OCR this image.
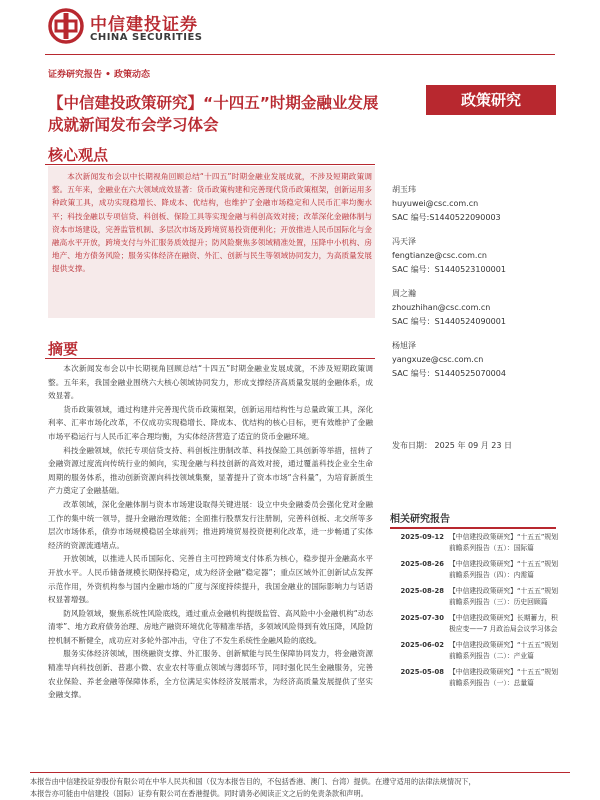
中信建投证券
CHINA SECURITIES
证券研究报告 • 政策动态
【中信建投政策研究】“十四五”时期金融业发展成就新闻发布会学习体会
政策研究
核心观点
本次新闻发布会以中长期视角回顾总结“十四五”时期金融业发展成就，不涉及短期政策调整。五年来，金融业在六大领域成效显著：货币政策构建和完善现代货币政策框架，创新运用多种政策工具，成功实现稳增长、降成本、优结构，也维护了金融市场稳定和人民币汇率均衡水平；科技金融以专项信贷、科创板、保险工具等实现金融与科创高效对接；改革深化金融体制与资本市场建设，完善监管机制、多层次市场及跨境贸易投资便利化；开放推进人民币国际化与金融高水平开放，跨境支付与外汇服务质效提升；防风险聚焦多领域精准处置，压降中小机构、房地产、地方债务风险；服务实体经济在融资、外汇、创新与民生等领域协同发力，为高质量发展提供支撑。
摘要

本次新闻发布会以中长期视角回顾总结“十四五”时期金融业发展成就，不涉及短期政策调整。五年来，我国金融业围绕六大核心领域协同发力，形成支撑经济高质量发展的金融体系，成效显著。

货币政策领域，通过构建并完善现代货币政策框架，创新运用结构性与总量政策工具，深化利率、汇率市场化改革，不仅成功实现稳增长、降成本、优结构的核心目标，更有效维护了金融市场平稳运行与人民币汇率合理均衡，为实体经济营造了适宜的货币金融环境。

科技金融领域，依托专项信贷支持、科创板注册制改革、科技保险工具创新等举措，扭转了金融资源过度流向传统行业的倾向，实现金融与科技创新的高效对接，通过覆盖科技企业全生命周期的服务体系，推动创新资源向科技领域集聚，显著提升了资本市场“含科量”，为培育新质生产力奠定了金融基础。

改革领域，深化金融体制与资本市场建设取得关键进展：设立中央金融委员会强化党对金融工作的集中统一领导，提升金融治理效能；全面推行股票发行注册制，完善科创板、北交所等多层次市场体系，债券市场规模稳居全球前列；推进跨境贸易投资便利化改革，进一步畅通了实体经济的资源流通堵点。

开放领域，以推进人民币国际化、完善自主可控跨境支付体系为核心，稳步提升金融高水平开放水平。人民币储备规模长期保持稳定，成为经济金融“稳定器”；重点区域外汇创新试点发挥示范作用，外资机构参与国内金融市场的广度与深度持续提升，我国金融业的国际影响力与话语权显著增强。

防风险领域，聚焦系统性风险底线，通过重点金融机构提级监管、高风险中小金融机构“动态清零”、地方政府债务治理、房地产融资环境优化等精准举措，多领域风险得到有效压降，风险防控机制不断健全，成功应对多轮外部冲击，守住了不发生系统性金融风险的底线。

服务实体经济领域，围绕融资支撑、外汇服务、创新赋能与民生保障协同发力，将金融资源精准导向科技创新、普惠小微、农业农村等重点领域与薄弱环节，同时强化民生金融服务，完善农业保险、养老金融等保障体系，全方位满足实体经济发展需求，为经济高质量发展提供了坚实金融支撑。

胡玉玮
huyuwei@csc.com.cn
SAC 编号:S1440522090003
冯天泽
fengtianze@csc.com.cn
SAC 编号：S1440523100001
周之瀚
zhouzhihan@csc.com.cn
SAC 编号：S1440524090001
杨旭泽
yangxuze@csc.com.cn
SAC 编号：S1440525070004
发布日期： 2025 年 09 月 23 日
相关研究报告
2025-09-12 【中信建投政策研究】“十五五”规划前瞻系列报告（五）：国际篇
2025-08-26 【中信建投政策研究】“十五五”规划前瞻系列报告（四）：内需篇
2025-08-28 【中信建投政策研究】“十五五”规划前瞻系列报告（三）：历史回顾篇
2025-07-30 【中信建投政策研究】长期蓄力，积极应变——7 月政治局会议学习体会
2025-06-02 【中信建投政策研究】“十五五”规划前瞻系列报告（二）：产业篇
2025-05-08 【中信建投政策研究】“十五五”规划前瞻系列报告（一）：总量篇
本报告由中信建投证券股份有限公司在中华人民共和国（仅为本报告目的，不包括香港、澳门、台湾）提供。在遵守适用的法律法规情况下，
本报告亦可能由中信建投（国际）证券有限公司在香港提供。同时请务必阅读正文之后的免责条款和声明。
